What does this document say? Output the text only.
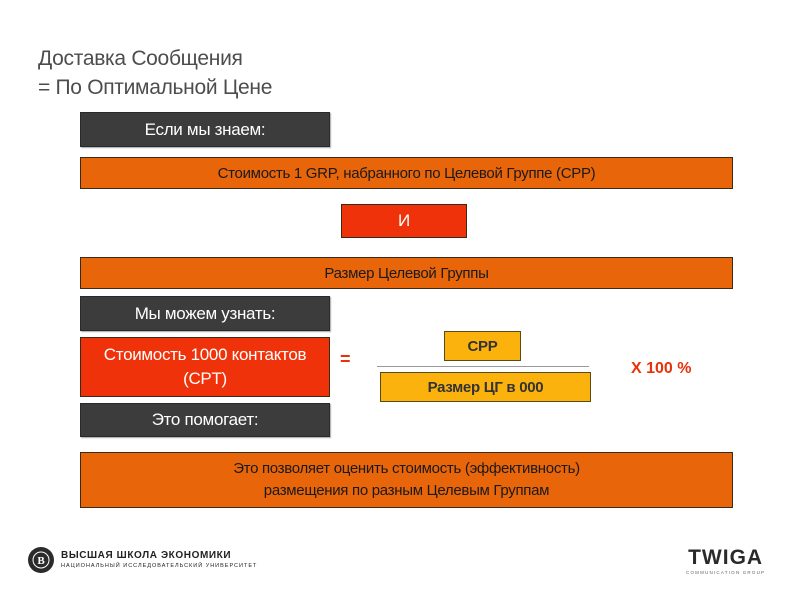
Доставка Сообщения
= По Оптимальной Цене
Если мы знаем:
Стоимость 1 GRP, набранного по Целевой Группе (CPP)
И
Размер Целевой Группы
Мы можем узнать:
Стоимость 1000 контактов
(CPT)
Это помогает:
Это позволяет оценить стоимость (эффективность)
размещения по разным Целевым Группам
=
CPP
Размер ЦГ в 000
X 100 %
В ВЫСШАЯ ШКОЛА ЭКОНОМИКИ
НАЦИОНАЛЬНЫЙ ИССЛЕДОВАТЕЛЬСКИЙ УНИВЕРСИТЕТ	TWIGA
COMMUNICATION GROUP
